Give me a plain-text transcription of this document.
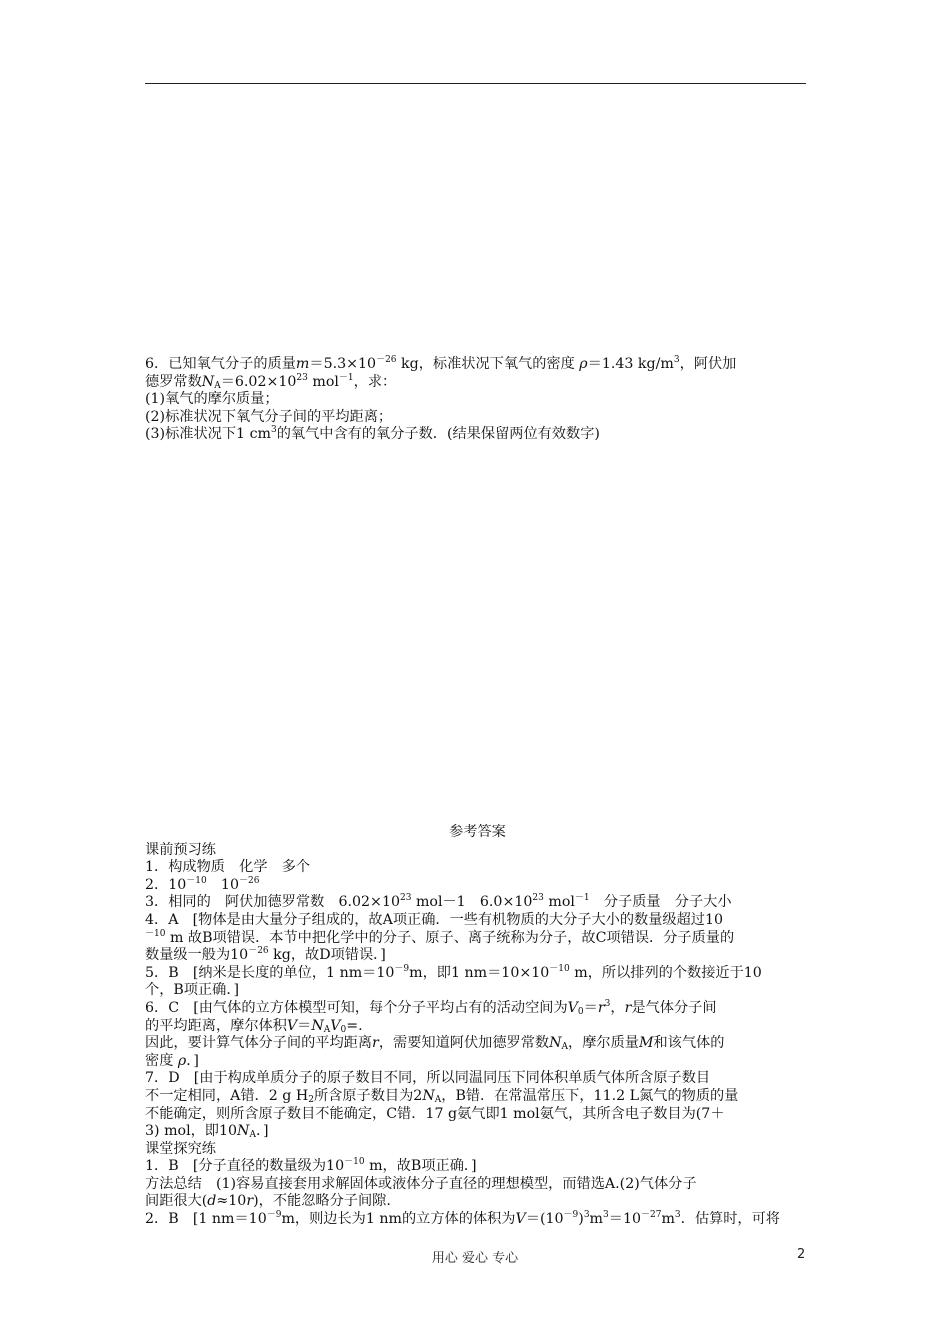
6．已知氧气分子的质量$m=5.3\times 10^{-26}$ kg，标准状况下氧气的密度 ρ＝1.43 $kg/m^3$，阿伏加
德罗常数$N_A=6.02\times 10^{23}$ mol$^{-1}$，求：
(1)氧气的摩尔质量；
(2)标准状况下氧气分子间的平均距离；
(3)标准状况下1 $cm^3$的氧气中含有的氧分子数．(结果保留两位有效数字)
参考答案
课前预习练
1．构成物质　化学　多个
2．$10^{-10}$　$10^{-26}$
3．相同的　阿伏加德罗常数　$6.02\times 10^{23}$ mol－1　$6.0\times 10^{23}$ mol$^{-1}$　分子质量　分子大小
4．A　[物体是由大量分子组成的，故A项正确．一些有机物质的大分子大小的数量级超过10
$^{-10}$ m 故B项错误．本节中把化学中的分子、原子、离子统称为分子，故C项错误．分子质量的
数量级一般为$10^{-26}$ kg，故D项错误．]
5．B　[纳米是长度的单位，1 $nm=10^{-9}m$，即1 $nm=10\times 10^{-10}$ m，所以排列的个数接近于10
个，B项正确．]
6．C　[由气体的立方体模型可知，每个分子平均占有的活动空间为$V_0=r^3$，r是气体分子间
的平均距离，摩尔体积$V=N_AV_0=$.
因此，要计算气体分子间的平均距离r，需要知道阿伏加德罗常数$N_A$，摩尔质量M和该气体的
密度 ρ．]
7．D　[由于构成单质分子的原子数目不同，所以同温同压下同体积单质气体所含原子数目
不一定相同，A错．2 g $H_2$所含原子数目为$2N_A$，B错．在常温常压下，11.2 L氮气的物质的量
不能确定，则所含原子数目不能确定，C错．17 g氨气即1 mol氨气，其所含电子数目为(7＋
3) mol，即$10N_A$．]
课堂探究练
1．B　[分子直径的数量级为$10^{-10}$ m，故B项正确．]
方法总结　(1)容易直接套用求解固体或液体分子直径的理想模型，而错选A.(2)气体分子
间距很大(d≈10r)，不能忽略分子间隙.
2．B　[1 $nm=10^{-9}m$，则边长为1 nm的立方体的体积为$V=(10^{-9})^3m^3=10^{-27}m^3$．估算时，可将
用心 爱心 专心	2
